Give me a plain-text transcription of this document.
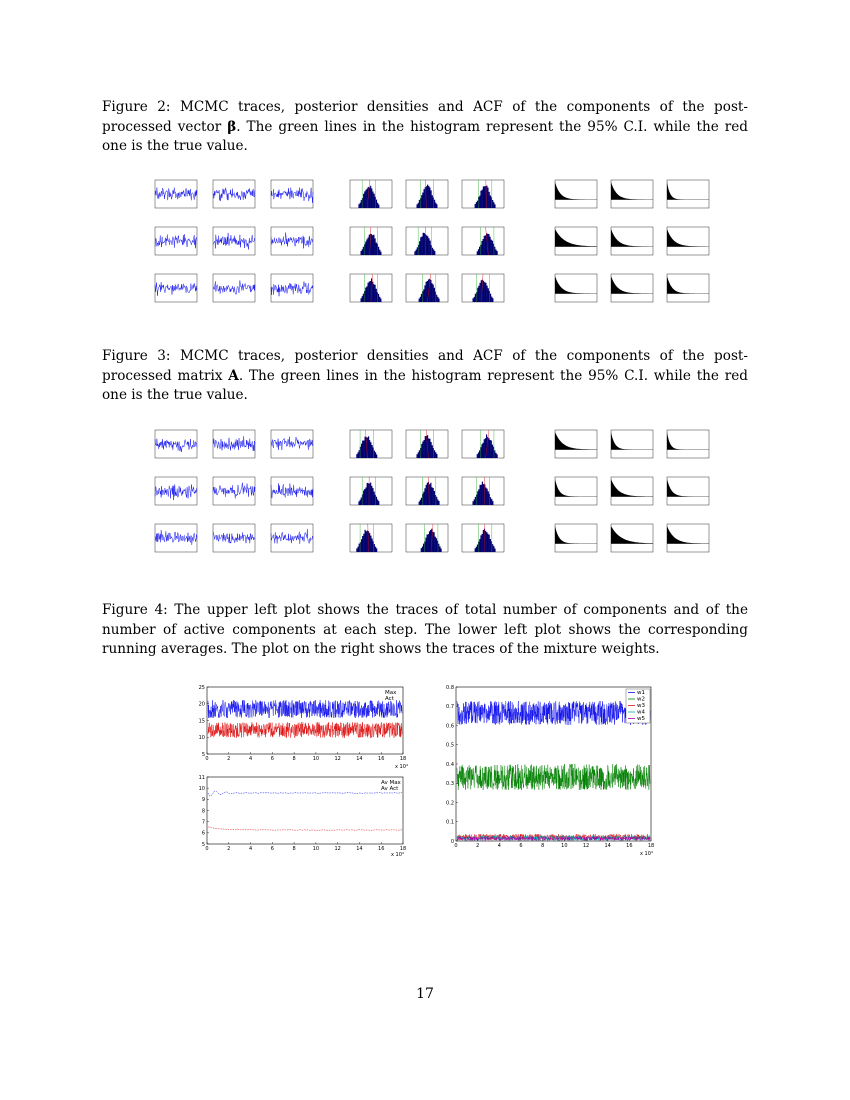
Figure 2: MCMC traces, posterior densities and ACF of the components of the post-processed vector β. The green lines in the histogram represent the 95% C.I. while the red one is the true value.

Figure 3: MCMC traces, posterior densities and ACF of the components of the post-processed matrix A. The green lines in the histogram represent the 95% C.I. while the red one is the true value.

Figure 4: The upper left plot shows the traces of total number of components and of the number of active components at each step. The lower left plot shows the corresponding running averages. The plot on the right shows the traces of the mixture weights.

Max
Act
25
20
15
10
5
0	2	4	6	8	10	12	14	16	18
x 10⁴
Av Max
Av Act
11
10
9
8
7
6
5
0	2	4	6	8	10	12	14	16	18
x 10⁴
w1
w2
w3
w4
w5
0.8
0.7
0.6
0.5
0.4
0.3
0.2
0.1
0
0	2	4	6	8	10	12	14	16	18
x 10⁴
17
